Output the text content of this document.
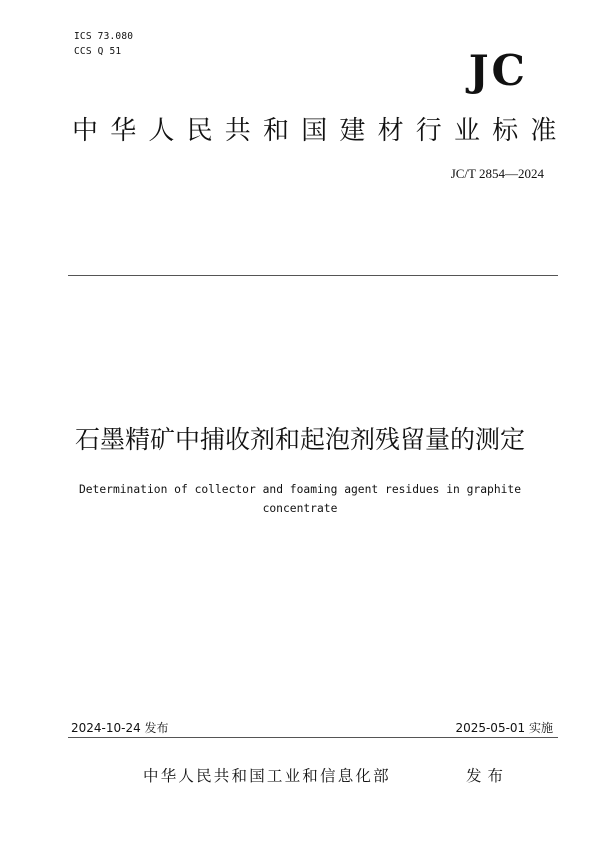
ICS 73.080
CCS Q 51	JC
中华人民共和国建材行业标准
JC/T 2854—2024
石墨精矿中捕收剂和起泡剂残留量的测定
Determination of collector and foaming agent residues in graphite concentrate
2024-10-24 发布	2025-05-01 实施
中华人民共和国工业和信息化部	发布
